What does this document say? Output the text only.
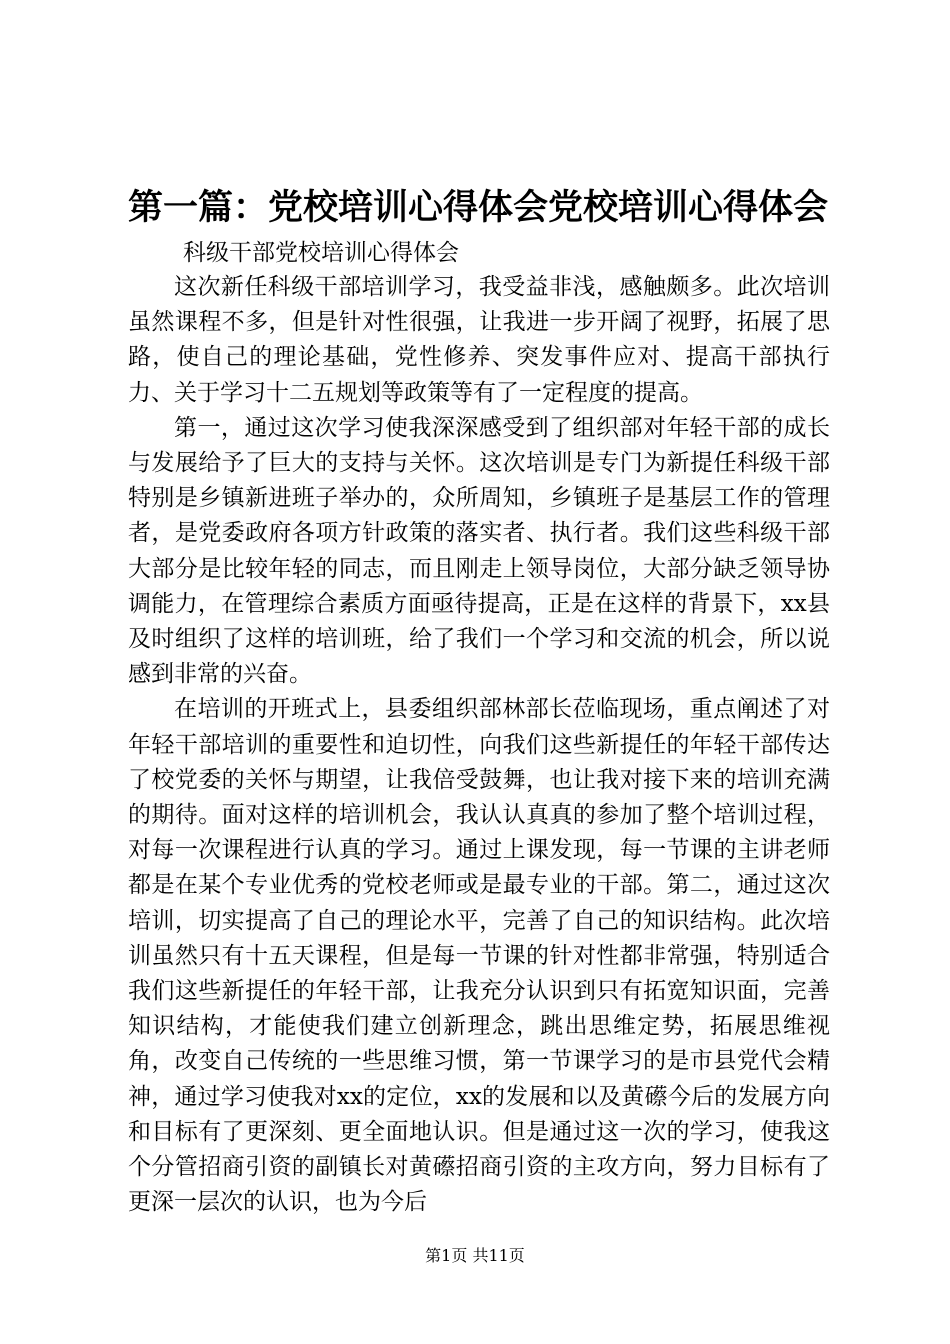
第一篇：党校培训心得体会党校培训心得体会

科级干部党校培训心得体会

这次新任科级干部培训学习，我受益非浅，感触颇多。此次培训虽然课程不多，但是针对性很强，让我进一步开阔了视野，拓展了思路，使自己的理论基础，党性修养、突发事件应对、提高干部执行力、关于学习十二五规划等政策等有了一定程度的提高。

第一，通过这次学习使我深深感受到了组织部对年轻干部的成长与发展给予了巨大的支持与关怀。这次培训是专门为新提任科级干部特别是乡镇新进班子举办的，众所周知，乡镇班子是基层工作的管理者，是党委政府各项方针政策的落实者、执行者。我们这些科级干部大部分是比较年轻的同志，而且刚走上领导岗位，大部分缺乏领导协调能力，在管理综合素质方面亟待提高，正是在这样的背景下，xx县及时组织了这样的培训班，给了我们一个学习和交流的机会，所以说感到非常的兴奋。

在培训的开班式上，县委组织部林部长莅临现场，重点阐述了对年轻干部培训的重要性和迫切性，向我们这些新提任的年轻干部传达了校党委的关怀与期望，让我倍受鼓舞，也让我对接下来的培训充满的期待。面对这样的培训机会，我认认真真的参加了整个培训过程，对每一次课程进行认真的学习。通过上课发现，每一节课的主讲老师都是在某个专业优秀的党校老师或是最专业的干部。第二，通过这次培训，切实提高了自己的理论水平，完善了自己的知识结构。此次培训虽然只有十五天课程，但是每一节课的针对性都非常强，特别适合我们这些新提任的年轻干部，让我充分认识到只有拓宽知识面，完善知识结构，才能使我们建立创新理念，跳出思维定势，拓展思维视角，改变自己传统的一些思维习惯，第一节课学习的是市县党代会精神，通过学习使我对xx的定位，xx的发展和以及黄礤今后的发展方向和目标有了更深刻、更全面地认识。但是通过这一次的学习，使我这个分管招商引资的副镇长对黄礤招商引资的主攻方向，努力目标有了更深一层次的认识，也为今后

第1页 共11页
